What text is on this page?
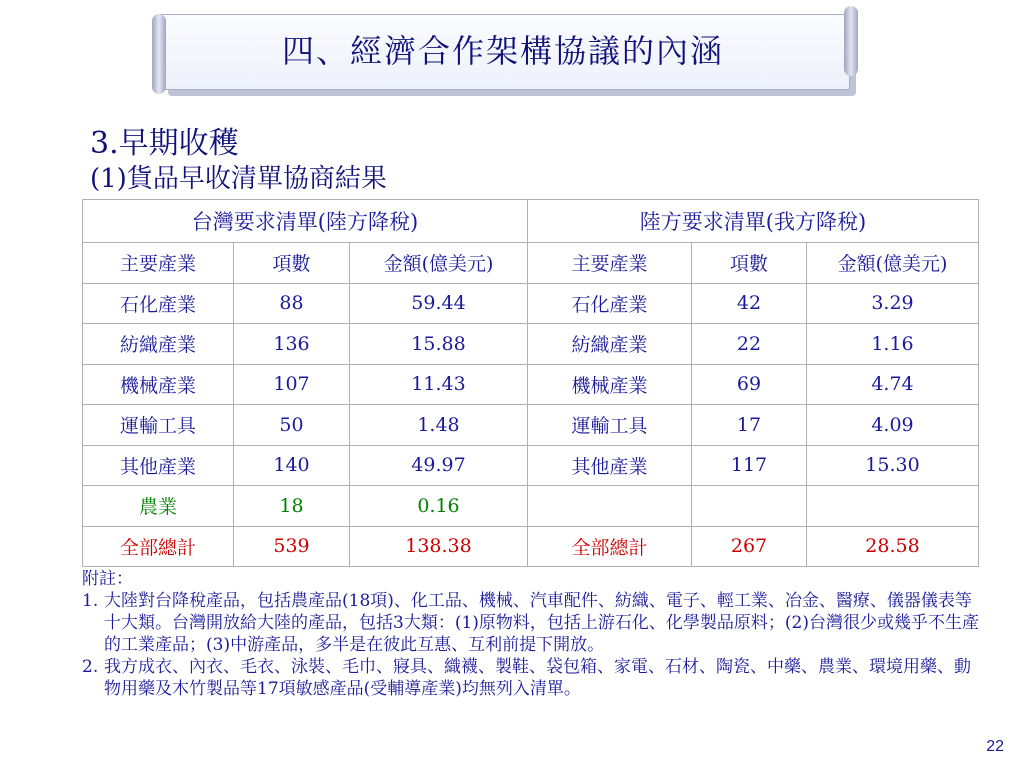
四、經濟合作架構協議的內涵
3.早期收穫
(1)貨品早收清單協商結果
台灣要求清單(陸方降稅)			陸方要求清單(我方降稅)		
主要產業	項數	金額(億美元)	主要產業	項數	金額(億美元)
石化產業	88	59.44	石化產業	42	3.29
紡織產業	136	15.88	紡織產業	22	1.16
機械產業	107	11.43	機械產業	69	4.74
運輸工具	50	1.48	運輸工具	17	4.09
其他產業	140	49.97	其他產業	117	15.30
農業	18	0.16			
全部總計	539	138.38	全部總計	267	28.58
附註：
1. 大陸對台降稅產品，包括農產品(18項)、化工品、機械、汽車配件、紡織、電子、輕工業、冶金、醫療、儀器儀表等十大類。台灣開放給大陸的產品，包括3大類：(1)原物料，包括上游石化、化學製品原料；(2)台灣很少或幾乎不生產的工業產品；(3)中游產品，多半是在彼此互惠、互利前提下開放。
2. 我方成衣、內衣、毛衣、泳裝、毛巾、寢具、織襪、製鞋、袋包箱、家電、石材、陶瓷、中藥、農業、環境用藥、動物用藥及木竹製品等17項敏感產品(受輔導產業)均無列入清單。
22
